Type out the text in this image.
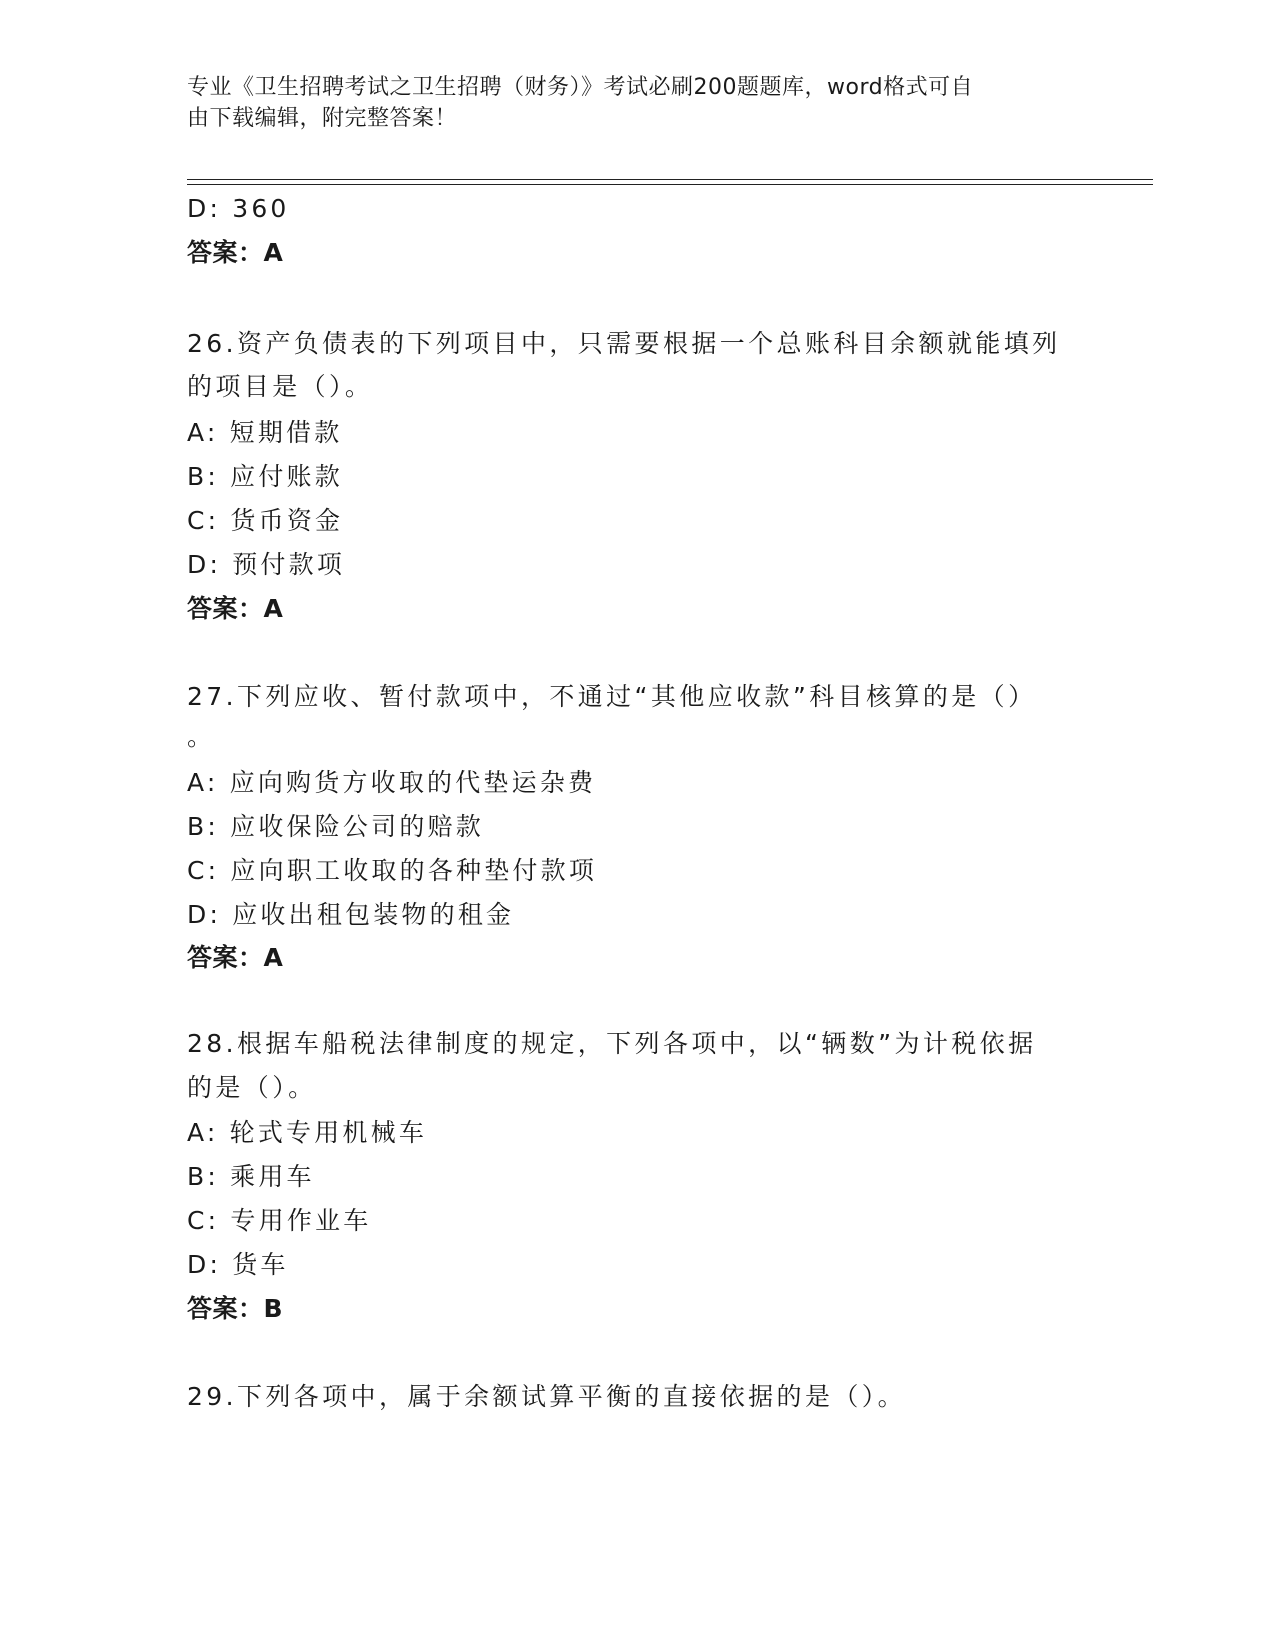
专业《卫生招聘考试之卫生招聘（财务）》考试必刷200题题库，word格式可自
由下载编辑，附完整答案！
D: 360
答案：A
26.资产负债表的下列项目中，只需要根据一个总账科目余额就能填列
的项目是（）。
A: 短期借款
B: 应付账款
C: 货币资金
D: 预付款项
答案：A
27.下列应收、暂付款项中，不通过“其他应收款”科目核算的是（）
。
A: 应向购货方收取的代垫运杂费
B: 应收保险公司的赔款
C: 应向职工收取的各种垫付款项
D: 应收出租包装物的租金
答案：A
28.根据车船税法律制度的规定，下列各项中，以“辆数”为计税依据
的是（）。
A: 轮式专用机械车
B: 乘用车
C: 专用作业车
D: 货车
答案：B
29.下列各项中，属于余额试算平衡的直接依据的是（）。
